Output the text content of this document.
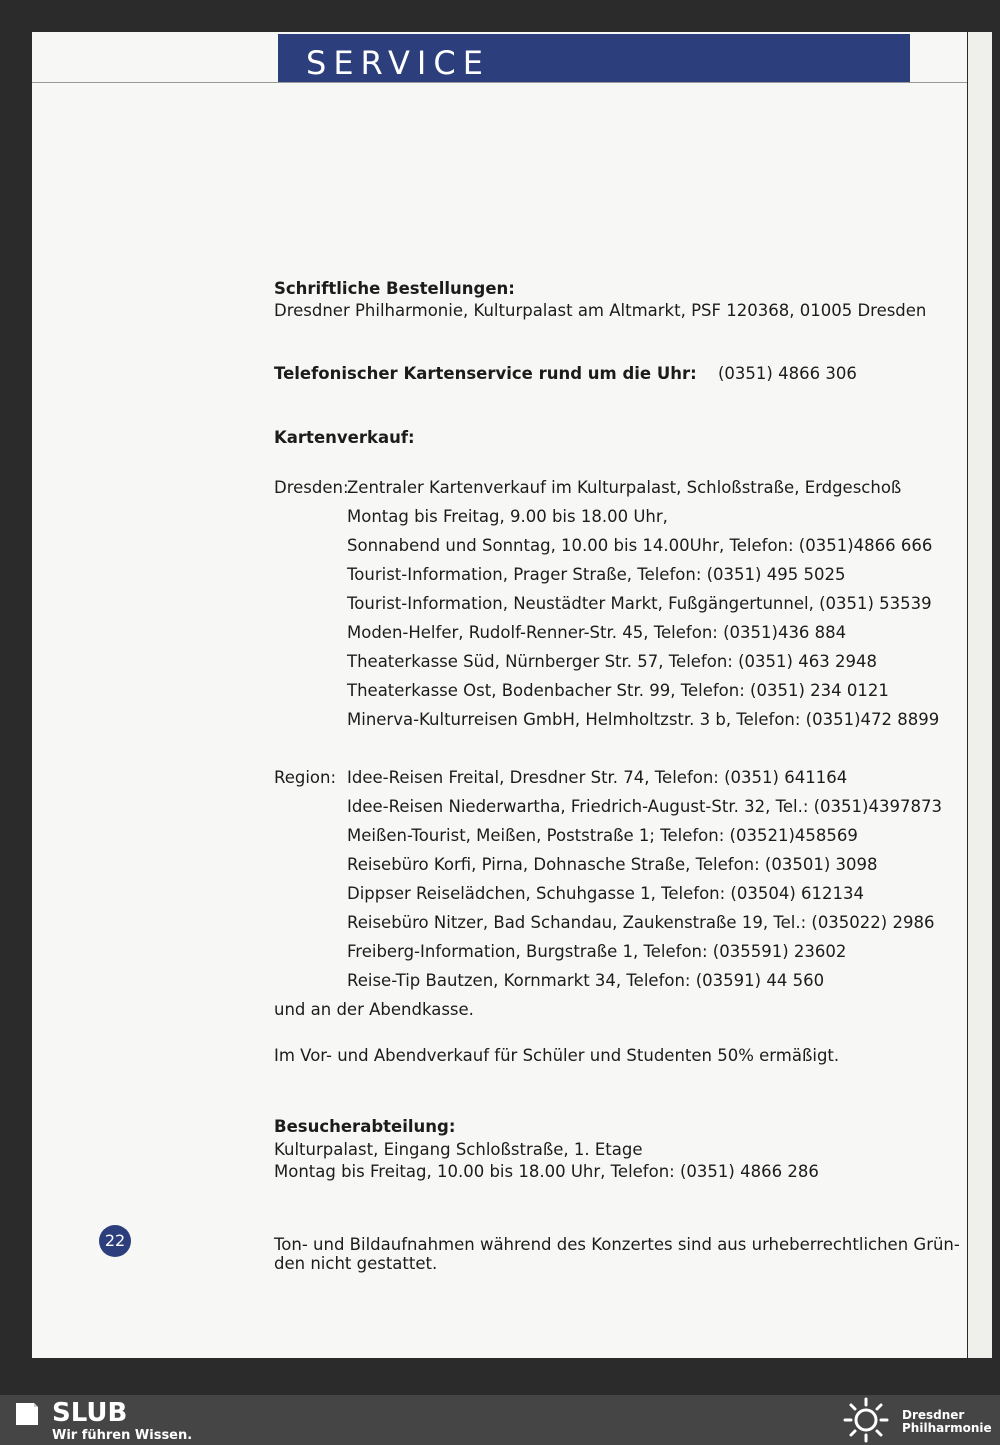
SERVICE
Schriftliche Bestellungen:
Dresdner Philharmonie, Kulturpalast am Altmarkt, PSF 120368, 01005 Dresden
Telefonischer Kartenservice rund um die Uhr: (0351) 4866 306
Kartenverkauf:
Dresden:
Zentraler Kartenverkauf im Kulturpalast, Schloßstraße, Erdgeschoß
Montag bis Freitag, 9.00 bis 18.00 Uhr,
Sonnabend und Sonntag, 10.00 bis 14.00Uhr, Telefon: (0351)4866 666
Tourist-Information, Prager Straße, Telefon: (0351) 495 5025
Tourist-Information, Neustädter Markt, Fußgängertunnel, (0351) 53539
Moden-Helfer, Rudolf-Renner-Str. 45, Telefon: (0351)436 884
Theaterkasse Süd, Nürnberger Str. 57, Telefon: (0351) 463 2948
Theaterkasse Ost, Bodenbacher Str. 99, Telefon: (0351) 234 0121
Minerva-Kulturreisen GmbH, Helmholtzstr. 3 b, Telefon: (0351)472 8899
Region: Idee-Reisen Freital, Dresdner Str. 74, Telefon: (0351) 641164
Idee-Reisen Niederwartha, Friedrich-August-Str. 32, Tel.: (0351)4397873
Meißen-Tourist, Meißen, Poststraße 1; Telefon: (03521)458569
Reisebüro Korfi, Pirna, Dohnasche Straße, Telefon: (03501) 3098
Dippser Reiselädchen, Schuhgasse 1, Telefon: (03504) 612134
Reisebüro Nitzer, Bad Schandau, Zaukenstraße 19, Tel.: (035022) 2986
Freiberg-Information, Burgstraße 1, Telefon: (035591) 23602
Reise-Tip Bautzen, Kornmarkt 34, Telefon: (03591) 44 560
und an der Abendkasse.
Im Vor- und Abendverkauf für Schüler und Studenten 50% ermäßigt.
Besucherabteilung:
Kulturpalast, Eingang Schloßstraße, 1. Etage
Montag bis Freitag, 10.00 bis 18.00 Uhr, Telefon: (0351) 4866 286
Ton- und Bildaufnahmen während des Konzertes sind aus urheberrechtlichen Grün-
den nicht gestattet.
22
SLUB
Wir führen Wissen.
Dresdner
Philharmonie
